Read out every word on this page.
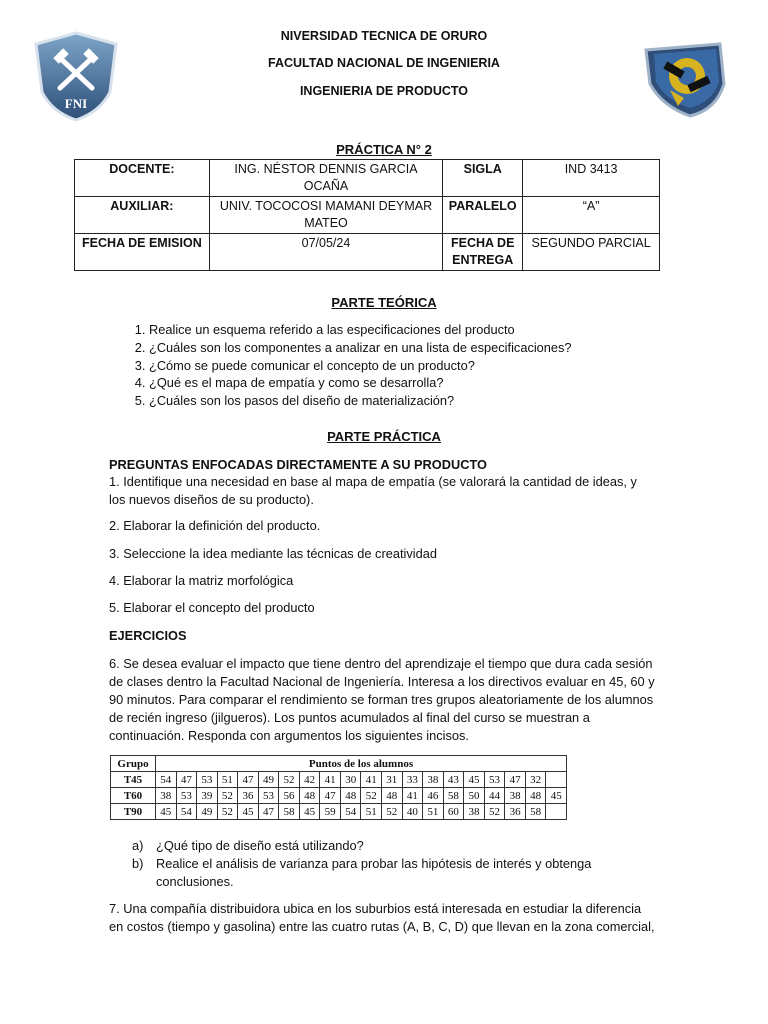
FNI
NIVERSIDAD TECNICA DE ORURO
FACULTAD NACIONAL DE INGENIERIA
INGENIERIA DE PRODUCTO
PRÁCTICA N° 2
DOCENTE:	ING. NÉSTOR DENNIS GARCIA OCAÑA	SIGLA	IND 3413
AUXILIAR:	UNIV. TOCOCOSI MAMANI DEYMAR MATEO	PARALELO	“A”
FECHA DE EMISION	07/05/24	FECHA DE ENTREGA	SEGUNDO PARCIAL
PARTE TEÓRICA
1. Realice un esquema referido a las especificaciones del producto
2. ¿Cuáles son los componentes a analizar en una lista de especificaciones?
3. ¿Cómo se puede comunicar el concepto de un producto?
4. ¿Qué es el mapa de empatía y como se desarrolla?
5. ¿Cuáles son los pasos del diseño de materialización?
PARTE PRÁCTICA
PREGUNTAS ENFOCADAS DIRECTAMENTE A SU PRODUCTO
1. Identifique una necesidad en base al mapa de empatía (se valorará la cantidad de ideas, y los nuevos diseños de su producto).
2. Elaborar la definición del producto.
3. Seleccione la idea mediante las técnicas de creatividad
4. Elaborar la matriz morfológica
5. Elaborar el concepto del producto
EJERCICIOS
6. Se desea evaluar el impacto que tiene dentro del aprendizaje el tiempo que dura cada sesión de clases dentro la Facultad Nacional de Ingeniería. Interesa a los directivos evaluar en 45, 60 y 90 minutos. Para comparar el rendimiento se forman tres grupos aleatoriamente de los alumnos de recién ingreso (jilgueros). Los puntos acumulados al final del curso se muestran a continuación. Responda con argumentos los siguientes incisos.
Grupo	Puntos de los alumnos																			
T45	54	47	53	51	47	49	52	42	41	30	41	31	33	38	43	45	53	47	32	
T60	38	53	39	52	36	53	56	48	47	48	52	48	41	46	58	50	44	38	48	45
T90	45	54	49	52	45	47	58	45	59	54	51	52	40	51	60	38	52	36	58	
a) ¿Qué tipo de diseño está utilizando?
b) Realice el análisis de varianza para probar las hipótesis de interés y obtenga conclusiones.
7. Una compañía distribuidora ubica en los suburbios está interesada en estudiar la diferencia en costos (tiempo y gasolina) entre las cuatro rutas (A, B, C, D) que llevan en la zona comercial,
